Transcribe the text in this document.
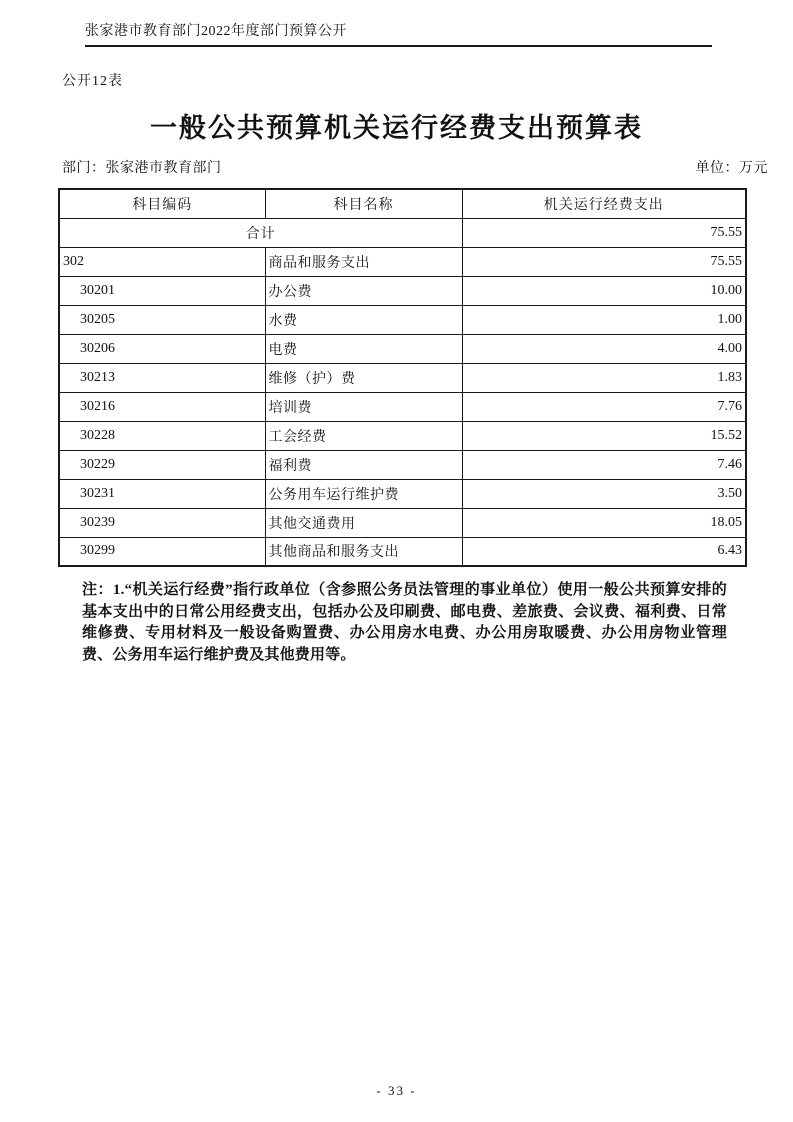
张家港市教育部门2022年度部门预算公开
公开12表
一般公共预算机关运行经费支出预算表
部门：张家港市教育部门	单位：万元
科目编码	科目名称	机关运行经费支出
合计		75.55
302	商品和服务支出	75.55
30201	办公费	10.00
30205	水费	1.00
30206	电费	4.00
30213	维修（护）费	1.83
30216	培训费	7.76
30228	工会经费	15.52
30229	福利费	7.46
30231	公务用车运行维护费	3.50
30239	其他交通费用	18.05
30299	其他商品和服务支出	6.43

注：1.“机关运行经费”指行政单位（含参照公务员法管理的事业单位）使用一般公共预算安排的基本支出中的日常公用经费支出，包括办公及印刷费、邮电费、差旅费、会议费、福利费、日常维修费、专用材料及一般设备购置费、办公用房水电费、办公用房取暖费、办公用房物业管理费、公务用车运行维护费及其他费用等。

- 33 -
